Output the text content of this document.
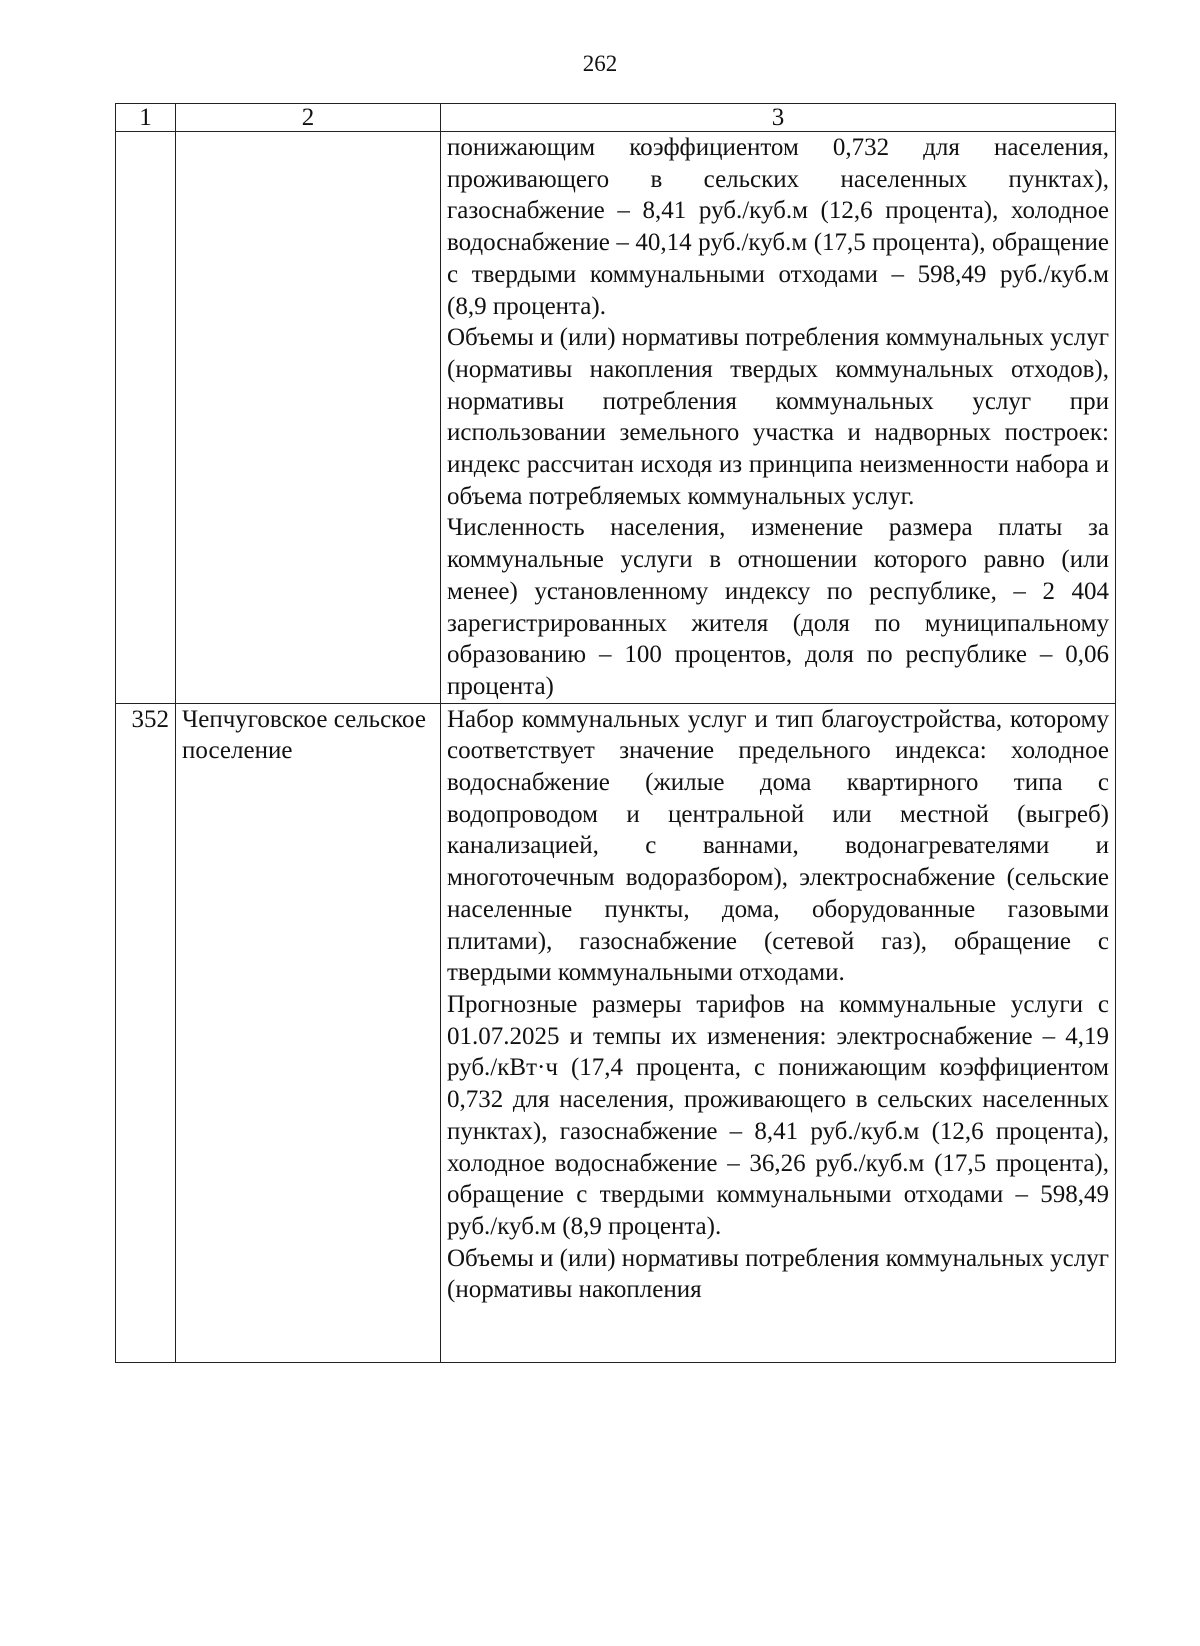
262
1	2	3

		понижающим коэффициентом 0,732 для населения, проживающего в сельских населенных пунктах), газоснабжение – 8,41 руб./куб.м (12,6 процента), холодное водоснабжение – 40,14 руб./куб.м (17,5 процента), обращение с твердыми коммунальными отходами – 598,49 руб./куб.м (8,9 процента).

Объемы и (или) нормативы потребления коммунальных услуг (нормативы накопления твердых коммунальных отходов), нормативы потребления коммунальных услуг при использовании земельного участка и надворных построек: индекс рассчитан исходя из принципа неизменности набора и объема потребляемых коммунальных услуг.

Численность населения, изменение размера платы за коммунальные услуги в отношении которого равно (или менее) установленному индексу по республике, – 2 404 зарегистрированных жителя (доля по муниципальному образованию – 100 процентов, доля по республике – 0,06 процента)

352	Чепчуговское сельское поселение	Набор коммунальных услуг и тип благоустройства, которому соответствует значение предельного индекса: холодное водоснабжение (жилые дома квартирного типа с водопроводом и центральной или местной (выгреб) канализацией, с ваннами, водонагревателями и многоточечным водоразбором), электроснабжение (сельские населенные пункты, дома, оборудованные газовыми плитами), газоснабжение (сетевой газ), обращение с твердыми коммунальными отходами.

Прогнозные размеры тарифов на коммунальные услуги с 01.07.2025 и темпы их изменения: электроснабжение – 4,19 руб./кВт·ч (17,4 процента, с понижающим коэффициентом 0,732 для населения, проживающего в сельских населенных пунктах), газоснабжение – 8,41 руб./куб.м (12,6 процента), холодное водоснабжение – 36,26 руб./куб.м (17,5 процента), обращение с твердыми коммунальными отходами – 598,49 руб./куб.м (8,9 процента).

Объемы и (или) нормативы потребления коммунальных услуг (нормативы накопления
